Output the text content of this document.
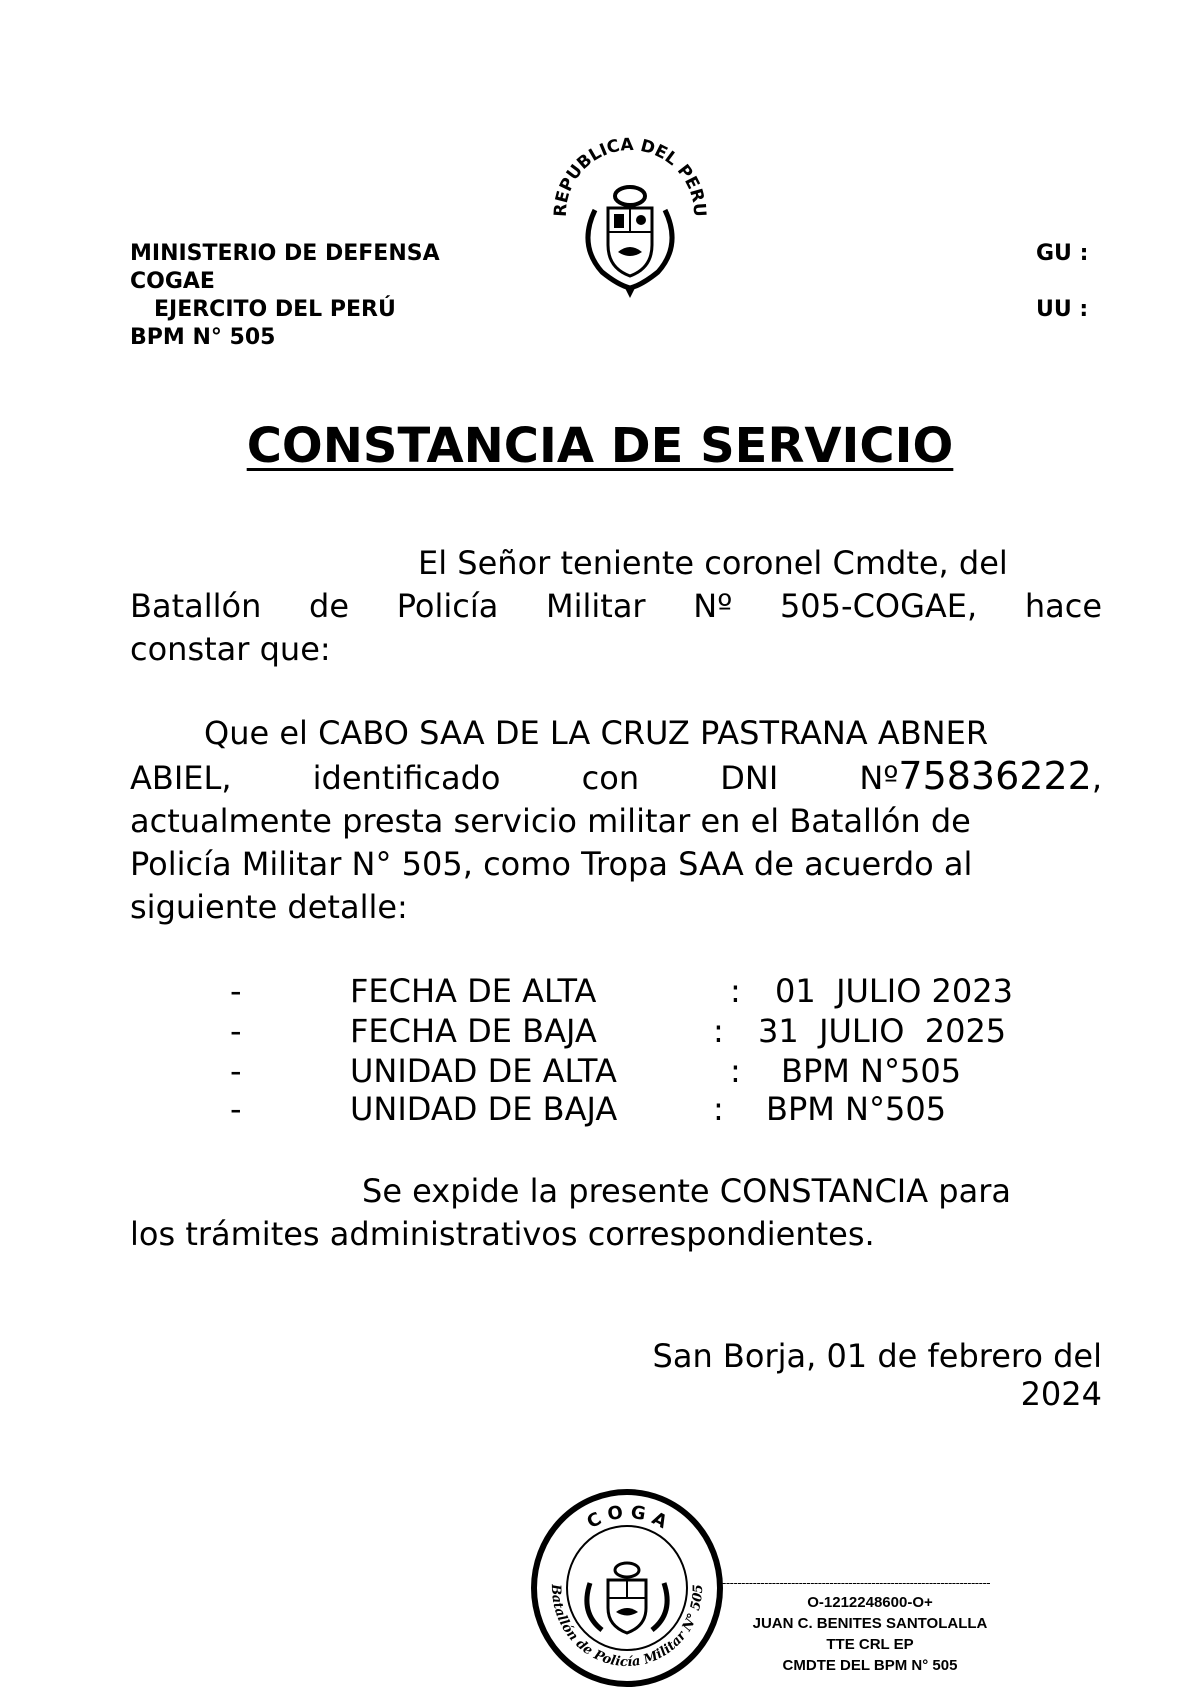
REPUBLICA DEL PERU
MINISTERIO DE DEFENSA
COGAE
EJERCITO DEL PERÚ
BPM N° 505
GU :
UU :
CONSTANCIA DE SERVICIO
El Señor teniente coronel Cmdte, del
Batallón de Policía Militar Nº 505-COGAE, hace
constar que:
Que el CABO SAA DE LA CRUZ PASTRANA ABNER
ABIEL,	identificado	con	DNI	Nº75836222,
actualmente presta servicio militar en el Batallón de
Policía Militar N° 505, como Tropa SAA de acuerdo al
siguiente detalle:
-	FECHA DE ALTA	: 01  JULIO 2023
-	FECHA DE BAJA	: 31  JULIO  2025
-	UNIDAD DE ALTA	: BPM N°505
-	UNIDAD DE BAJA	: BPM N°505
Se expide la presente CONSTANCIA para
los trámites administrativos correspondientes.
San Borja, 01 de febrero del
2024
C O G A
Batallón de Policía Militar N° 505 ----------------------------------------------------------------------
O-1212248600-O+
JUAN C. BENITES SANTOLALLA
TTE CRL EP
CMDTE DEL BPM N° 505
